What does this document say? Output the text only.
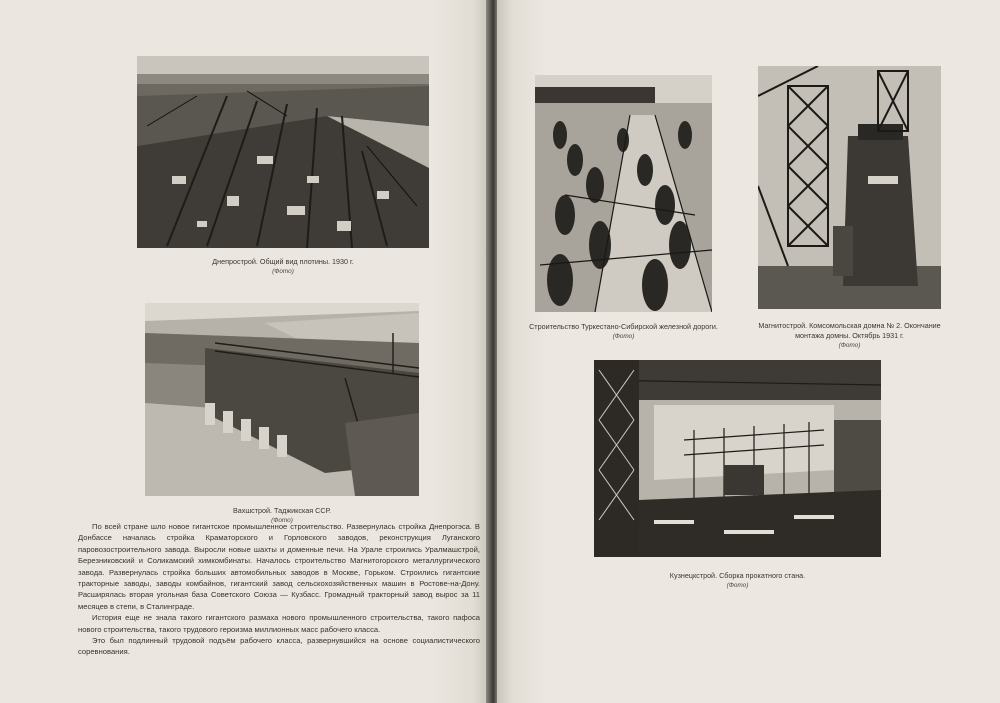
Днепрострой. Общий вид плотины. 1930 г.
(Фото)
Вахшстрой. Таджикская ССР.
(Фото)

По всей стране шло новое гигантское промышленное строительство. Развернулась стройка Днепрогэса. В Донбассе началась стройка Краматорского и Горловского заводов, реконструкция Луганского паровозостроительного завода. Выросли новые шахты и доменные печи. На Урале строились Уралмашстрой, Березниковский и Соликамский химкомбинаты. Началось строительство Магнитогорского металлургического завода. Развернулась стройка больших автомобильных заводов в Москве, Горьком. Строились гигантские тракторные заводы, заводы комбайнов, гигантский завод сельскохозяйственных машин в Ростове-на-Дону. Расширялась вторая угольная база Советского Союза — Кузбасс. Громадный тракторный завод вырос за 11 месяцев в степи, в Сталинграде.

История еще не знала такого гигантского размаха нового промышленного строительства, такого пафоса нового строительства, такого трудового героизма миллионных масс рабочего класса.

Это был подлинный трудовой подъём рабочего класса, развернувшийся на основе социалистического соревнования.

Строительство Туркестано-Сибирской железной дороги.
(Фото)
Магнитострой. Комсомольская домна № 2. Окончание
монтажа домны. Октябрь 1931 г.
(Фото)
Кузнецкстрой. Сборка прокатного стана.
(Фото)
